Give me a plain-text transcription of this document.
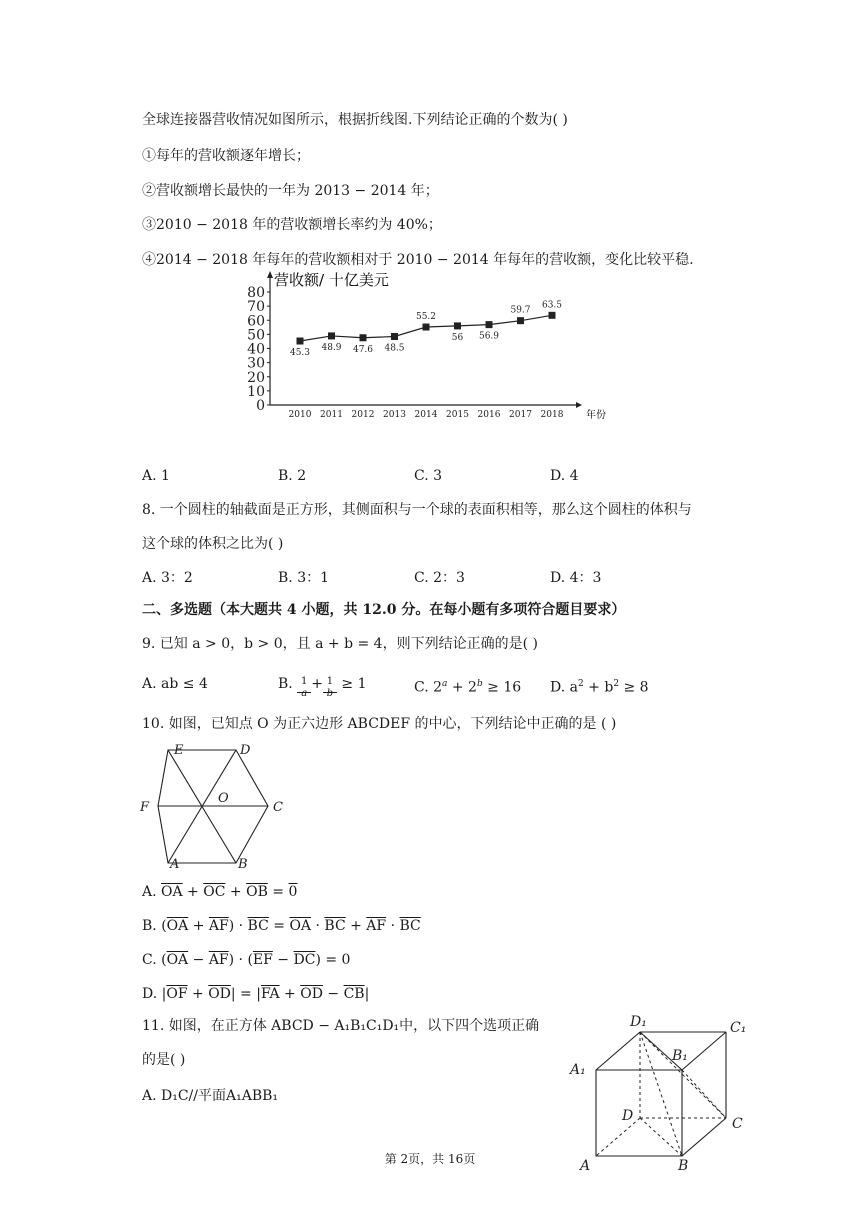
全球连接器营收情况如图所示，根据折线图.下列结论正确的个数为( )
①每年的营收额逐年增长；
②营收额增长最快的一年为 2013 − 2014 年；
③2010 − 2018 年的营收额增长率约为 40%；
④2014 − 2018 年每年的营收额相对于 2010 − 2014 年每年的营收额，变化比较平稳.
0
10
20
30
40
50
60
70
80
2010 2011 2012 2013 2014 2015 2016 2017 2018
45.3
48.9 47.6 48.5
55.2
56 56.9
59.7
63.5
营收额/ 十亿美元
年份
A. 1	B. 2	C. 3	D. 4
8. 一个圆柱的轴截面是正方形，其侧面积与一个球的表面积相等，那么这个圆柱的体积与
这个球的体积之比为( )
A. 3：2	B. 3：1	C. 2：3	D. 4：3
二、多选题（本大题共 4 小题，共 12.0 分。在每小题有多项符合题目要求）
9. 已知 a > 0，b > 0，且 a + b = 4，则下列结论正确的是( )
A. ab ≤ 4	B. 1
a
+ 1
b
≥ 1	C. $2^a + 2^b \ge 16$ D. $a^2 + b^2 \ge 8$
10. 如图，已知点 O 为正六边形 ABCDEF 的中心，下列结论中正确的是 ( )
E	D
F
O
C
A	B
A. $\overline{OA} + \overline{OC} + \overline{OB} = 0$
B. $(\overline{OA} + \overline{AF}) \cdot \overline{BC} = \overline{OA} \cdot \overline{BC} + \overline{AF} \cdot \overline{BC}$
C. $(\overline{OA} - \overline{AF}) \cdot (\overline{EF} - \overline{DC}) = 0$
D. $|\overline{OF} + \overline{OD}| = |\overline{FA} + \overline{OD} - \overline{CB}|$
11. 如图，在正方体 ABCD − A₁B₁C₁D₁中，以下四个选项正确
的是( )
A. D₁C//平面A₁ABB₁
D₁	C₁
B₁
A₁
D	C
A	B
第 2页，共 16页
